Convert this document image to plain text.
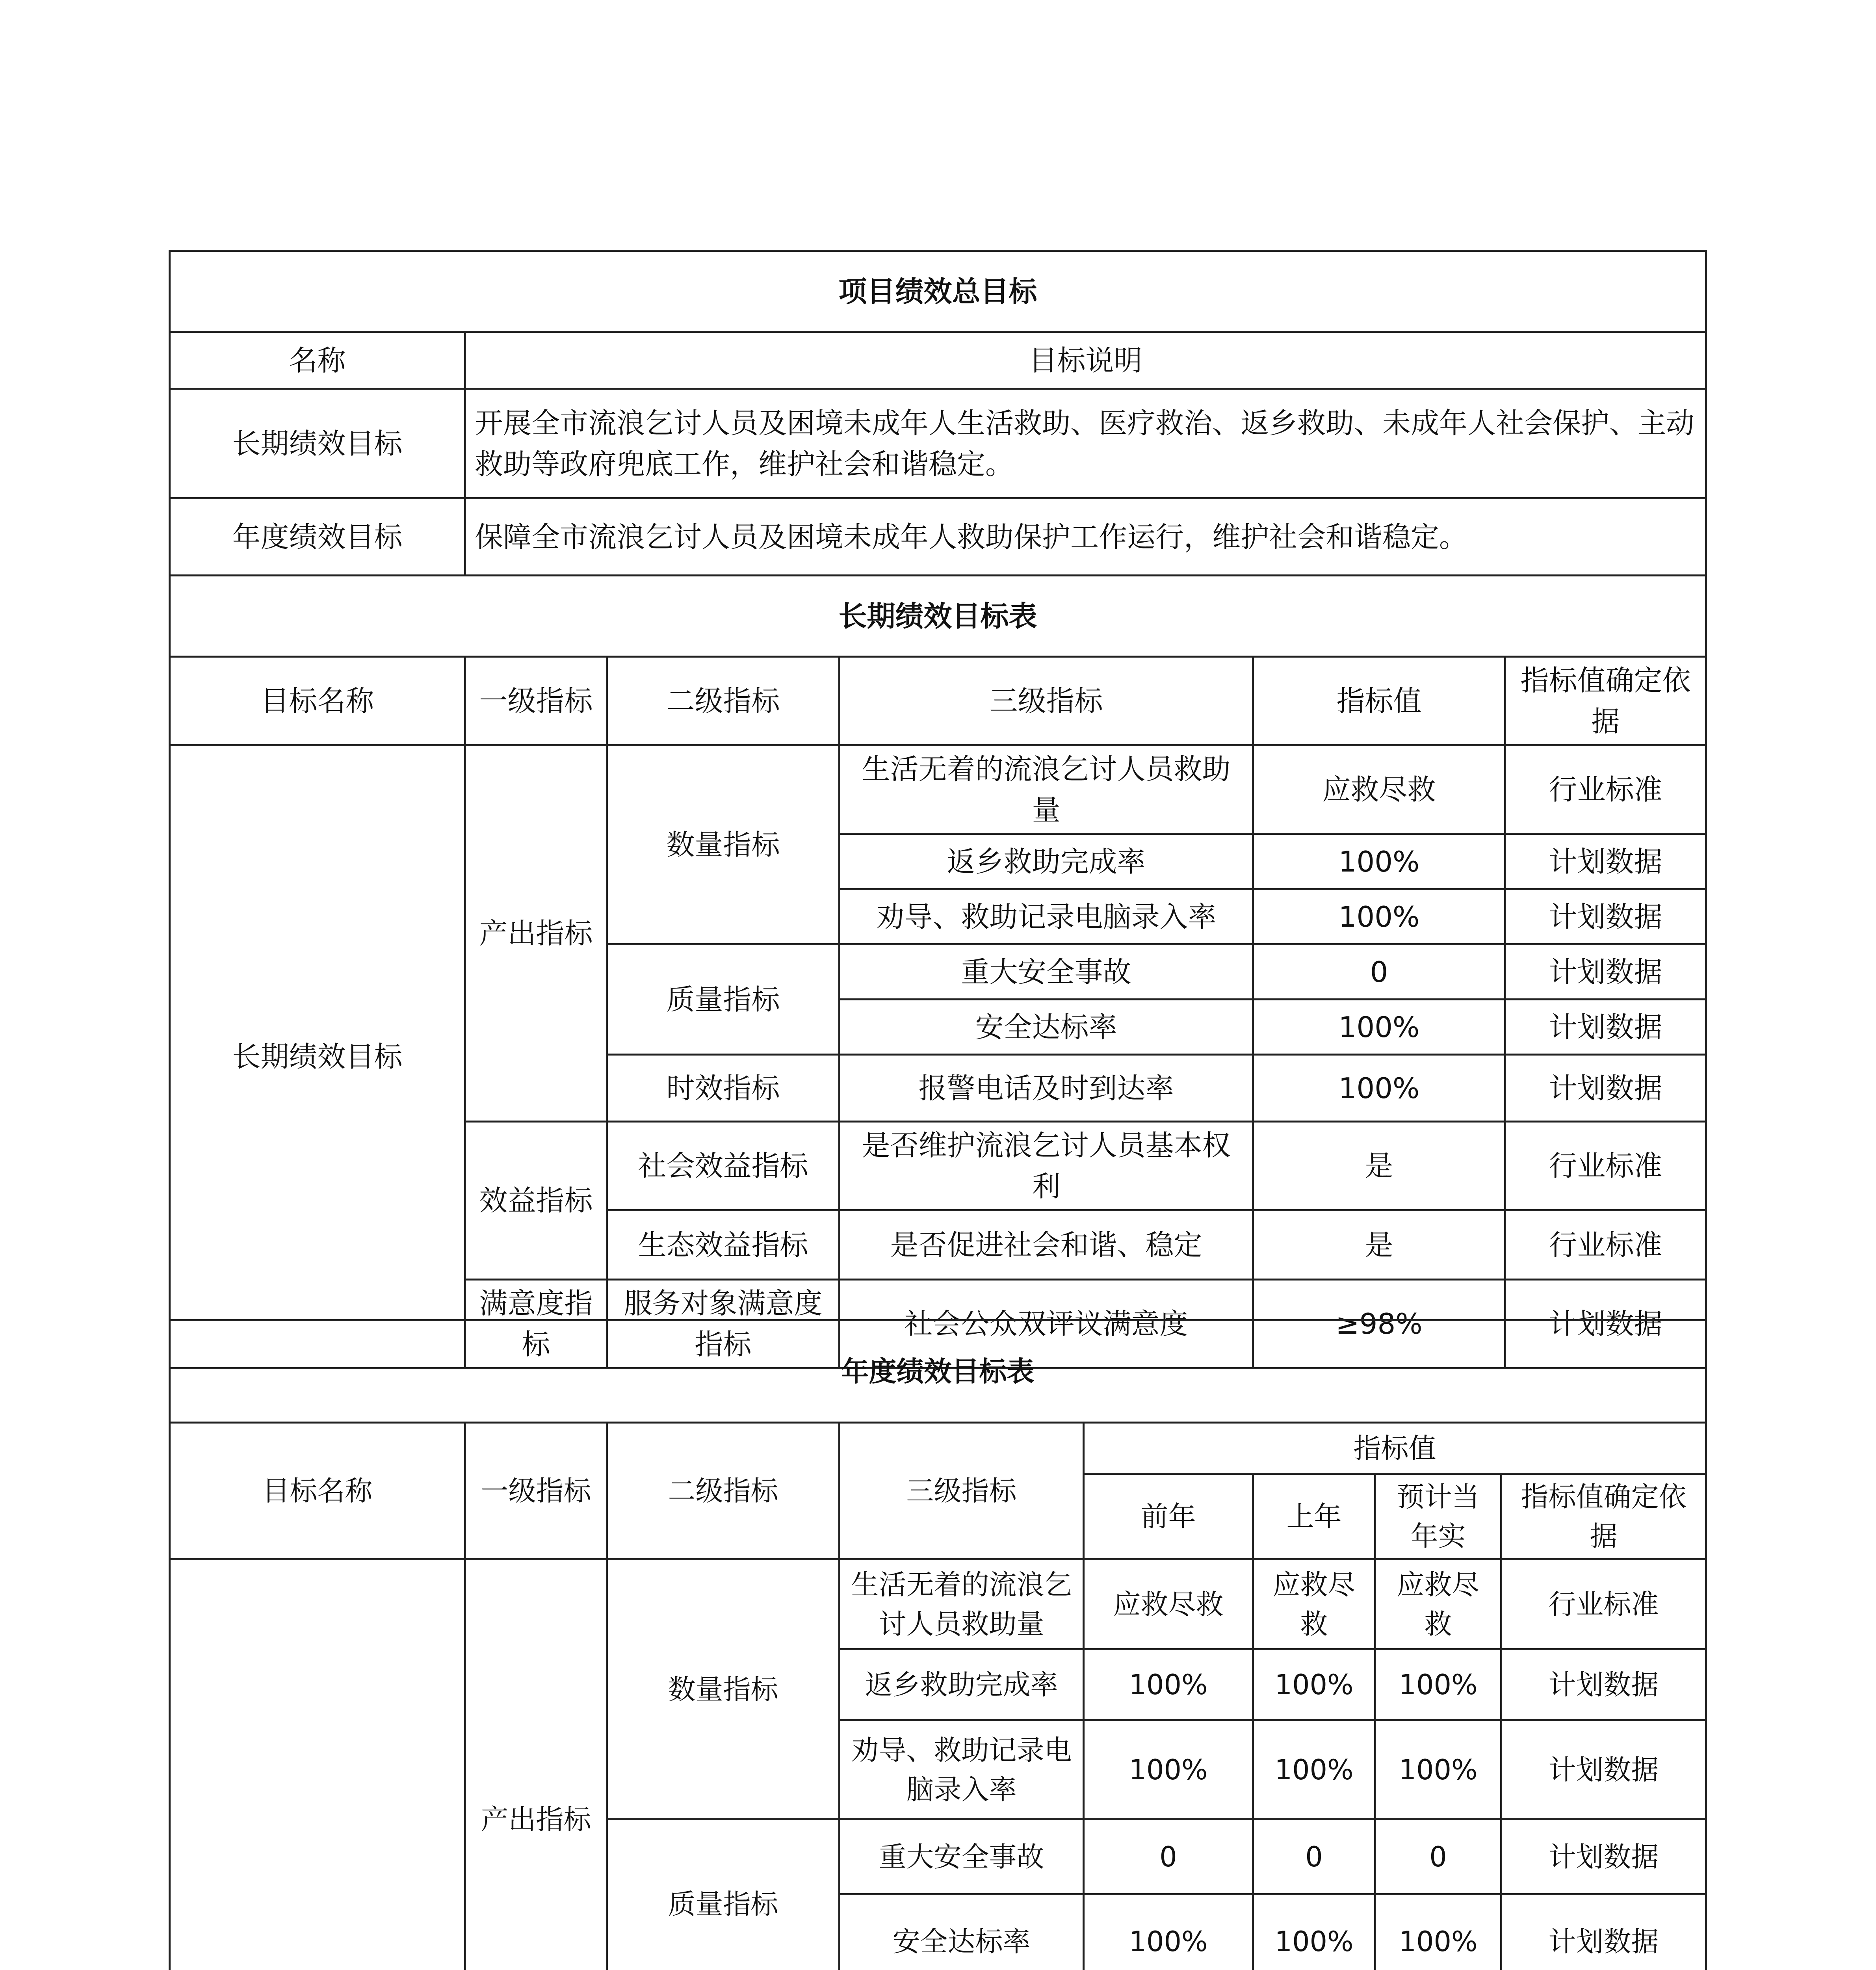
项目绩效总目标	
名称	目标说明
长期绩效目标	开展全市流浪乞讨人员及困境未成年人生活救助、医疗救治、返乡救助、未成年人社会保护、主动救助等政府兜底工作，维护社会和谐稳定。
年度绩效目标	保障全市流浪乞讨人员及困境未成年人救助保护工作运行，维护社会和谐稳定。
长期绩效目标表					
目标名称	一级指标	二级指标	三级指标	指标值	指标值确定依据
长期绩效目标	产出指标	数量指标	生活无着的流浪乞讨人员救助量	应救尽救	行业标准
			返乡救助完成率	100%	计划数据
			劝导、救助记录电脑录入率	100%	计划数据
		质量指标	重大安全事故	0	计划数据
			安全达标率	100%	计划数据
		时效指标	报警电话及时到达率	100%	计划数据
	效益指标	社会效益指标	是否维护流浪乞讨人员基本权利	是	行业标准
		生态效益指标	是否促进社会和谐、稳定	是	行业标准
	满意度指标	服务对象满意度指标	社会公众双评议满意度	≥98%	计划数据
年度绩效目标表							
目标名称	一级指标	二级指标	三级指标	指标值			
				前年	上年	预计当年实	指标值确定依据
	产出指标	数量指标	生活无着的流浪乞讨人员救助量	应救尽救	应救尽救	应救尽救	行业标准
			返乡救助完成率	100%	100%	100%	计划数据
			劝导、救助记录电脑录入率	100%	100%	100%	计划数据
		质量指标	重大安全事故	0	0	0	计划数据
			安全达标率	100%	100%	100%	计划数据
